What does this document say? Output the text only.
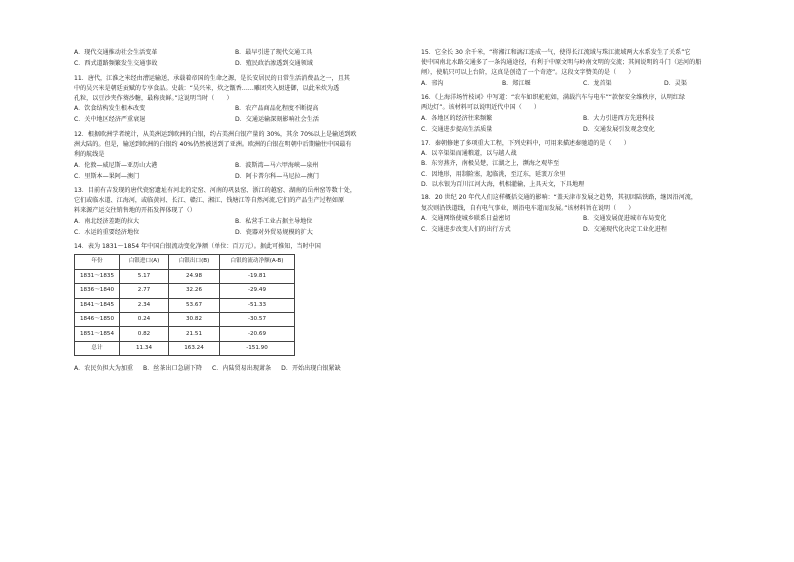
A．现代交通推动社会生活变革	B．最早引进了现代交通工具
C．西式道路频繁发生交通事故	D．殖民政治渗透到交通领域
11．唐代，江淮之米经由漕运输送，承载着帝国的生命之源，是长安居民的日常生活消费品之一，且其
中的吴兴米是朝廷贡赋的专享食品。史载：“吴兴米，炊之甑香……雕团夹入厨进御，以此米炊为透
孔粒，以豆沙夹作葵沙糖，最称贵鲜。”这说明当时（　　）
A．饮食结构发生根本改变	B．农产品商品化程度不断提高
C．关中地区经济严重衰退	D．交通运输深刻影响社会生活
12．根据欧洲学者统计，从美洲运到欧洲的白银，约占美洲白银产量的 30%，其余 70%以上是输送到欧
洲大陆的。但是，输送到欧洲的白银约 40%仍然被送到了亚洲。欧洲的白银在明朝中后期输往中国最有
利的航线是
A．伦敦—威尼斯—亚历山大港	B．波斯湾—马六甲海峡—泉州
C．里斯本—果阿—澳门	D．阿卡普尔科—马尼拉—澳门
13．目前有吉发现的唐代瓷窑遗址有河北的定窑、河南的巩县窑、浙江的越窑、湖南的岳州窑等数十处，
它们或临水道、江海河，或临黄河、长江、赣江、湘江、钱塘江等自然河流,它们的产品生产过程如原
料来源产运交往销售地的开拓发挥体现了（）
A．南北经济差距的拉大	B．私营手工业占据主导地位
C．水运的重要经济地位	D．瓷器对外贸易规模的扩大
14．表为 1831～1854 年中国白银流动变化净额（单位：百万元）。据此可推知，当时中国
年份	白银进口(A)	白银出口(B)	白银的流动净额(A-B)
1831～1835	5.17	24.98	-19.81
1836～1840	2.77	32.26	-29.49
1841～1845	2.34	53.67	-51.33
1846～1850	0.24	30.82	-30.57
1851～1854	0.82	21.51	-20.69
总计	11.34	163.24	-151.90
A．农民负担大为加重 B．丝茶出口急剧下降 C．内陆贸易出现萧条 D．开始出现白银紧缺
15．它全长 30 余千米，“将湘江和漓江连成一气，使得长江流域与珠江流域两大水系发生了关系”它
使中国南北水路交通多了一条沟通途径，有利于中原文明与岭南文明的交流；其间说明的斗门（运河的船
闸），使航只可以上台阶，这真是创造了一个奇迹”。这段文字赞美的是（　　）
A．邗沟	B．郑江堰	C．龙首渠	D．灵渠
16．《上海洋场竹枝词》中写道：“农车如织驼驼如，满载汽车与电车”“款保安全维秩序，认明红绿
两边灯”。该材料可以说明近代中国（　　）
A．各地区的经济往来频繁	B．大力引进西方先进科技
C．交通进步提高生活质量	D．交通发展引发观念变化
17．秦朝修建了多项重大工程，下列史料中，可用来描述秦驰道的是（　　）
A．以辛渠渠而通粮道，以与越人战
B．东穷燕齐，南极吴楚，江湖之上，濒海之观毕至
C．因地形，用制险塞，起临洮，至辽东，延袤万余里
D．以水银为百川江河大海，机相灌输，上具天文，下具地理
18．20 世纪 20 年代人们这样概括交通的影响：“盖天津市发展之趋势，其初因陆铁路，继因沿河流，
复次则沿铁道线，自有电气事业，则沿电车道而发展。”该材料旨在说明（　　）
A．交通网络使城乡联系日益密切	B．交通发展促进城市布局变化
C．交通进步改变人们的出行方式	D．交通现代化决定工业化进程
